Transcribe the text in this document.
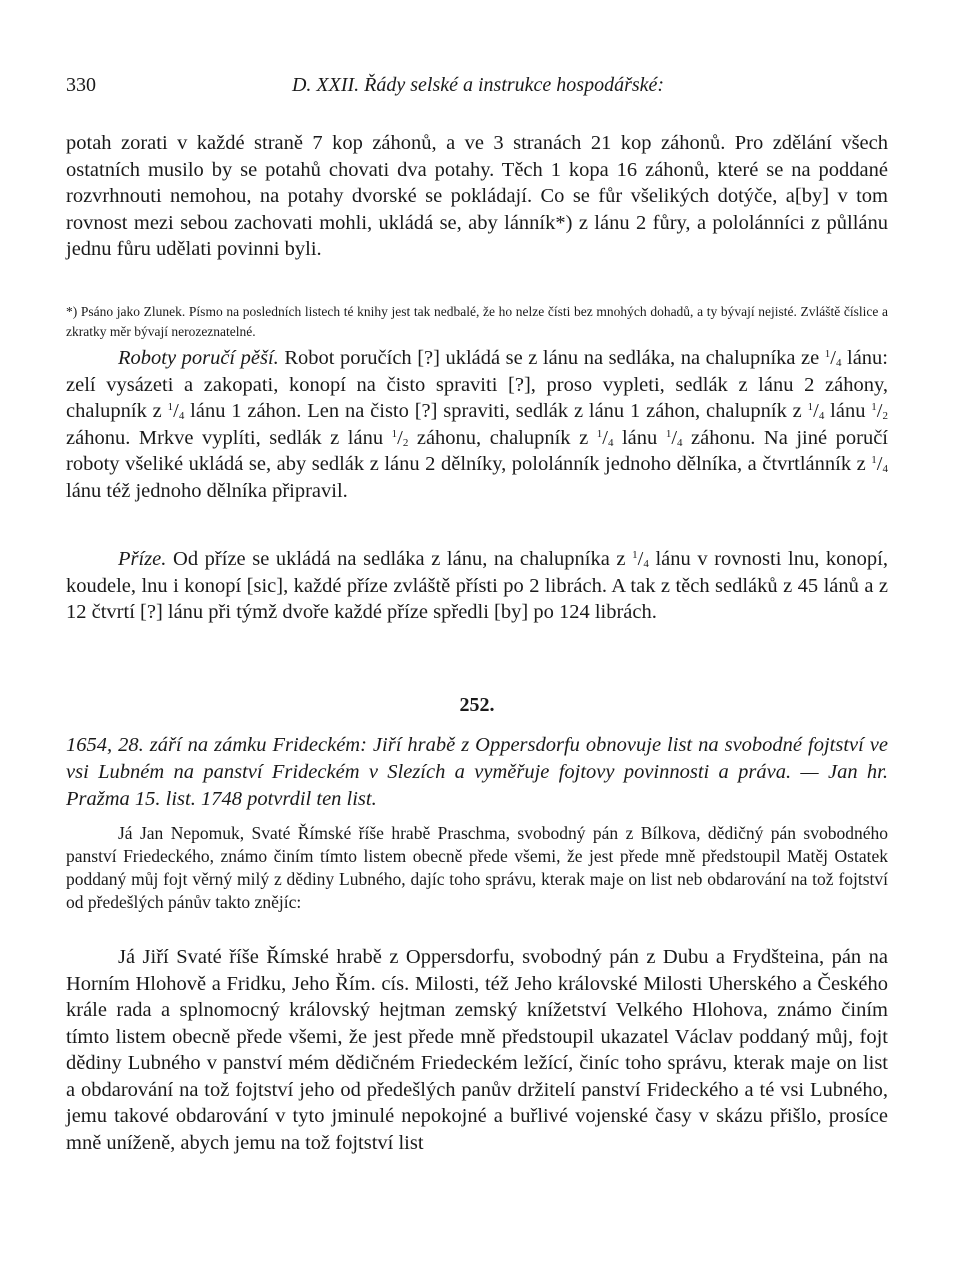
330	D. XXII. Řády selské a instrukce hospodářské:

potah zorati v každé straně 7 kop záhonů, a ve 3 stranách 21 kop záhonů. Pro zdělání všech ostatních musilo by se potahů chovati dva potahy. Těch 1 kopa 16 záhonů, které se na poddané rozvrhnouti nemohou, na potahy dvorské se pokládají. Co se fůr všelikých dotýče, a[by] v tom rovnost mezi sebou zachovati mohli, ukládá se, aby lánník*) z lánu 2 fůry, a pololánníci z půllánu jednu fůru udělati povinni byli.

*) Psáno jako Zlunek. Písmo na posledních listech té knihy jest tak nedbalé, že ho nelze čísti bez mnohých dohadů, a ty bývají nejisté. Zvláště číslice a zkratky měr bývají nerozeznatelné.

Roboty poručí pěší. Robot poručích [?] ukládá se z lánu na sedláka, na chalupníka ze $^1/_4$ lánu: zelí vysázeti a zakopati, konopí na čisto spraviti [?], proso vypleti, sedlák z lánu 2 záhony, chalupník z $^1/_4$ lánu 1 záhon. Len na čisto [?] spraviti, sedlák z lánu 1 záhon, chalupník z $^1/_4$ lánu $^1/_2$ záhonu. Mrkve vyplíti, sedlák z lánu $^1/_2$ záhonu, chalupník z $^1/_4$ lánu $^1/_4$ záhonu. Na jiné poručí roboty všeliké ukládá se, aby sedlák z lánu 2 dělníky, pololánník jednoho dělníka, a čtvrtlánník z $^1/_4$ lánu též jednoho dělníka připravil.

Příze. Od příze se ukládá na sedláka z lánu, na chalupníka z $^1/_4$ lánu v rovnosti lnu, konopí, koudele, lnu i konopí [sic], každé příze zvláště přísti po 2 librách. A tak z těch sedláků z 45 lánů a z 12 čtvrtí [?] lánu při týmž dvoře každé příze spředli [by] po 124 librách.

252.

1654, 28. září na zámku Frideckém: Jiří hrabě z Oppersdorfu obnovuje list na svobodné fojtství ve vsi Lubném na panství Frideckém v Slezích a vyměřuje fojtovy povinnosti a práva. — Jan hr. Pražma 15. list. 1748 potvrdil ten list.

Já Jan Nepomuk, Svaté Římské říše hrabě Praschma, svobodný pán z Bílkova, dědičný pán svobodného panství Friedeckého, známo činím tímto listem obecně přede všemi, že jest přede mně předstoupil Matěj Ostatek poddaný můj fojt věrný milý z dědiny Lubného, dajíc toho správu, kterak maje on list neb obdarování na tož fojtství od předešlých pánův takto znějíc:

Já Jiří Svaté říše Římské hrabě z Oppersdorfu, svobodný pán z Dubu a Frydšteina, pán na Horním Hlohově a Fridku, Jeho Řím. cís. Milosti, též Jeho královské Milosti Uherského a Českého krále rada a splnomocný královský hejtman zemský knížetství Velkého Hlohova, známo činím tímto listem obecně přede všemi, že jest přede mně předstoupil ukazatel Václav poddaný můj, fojt dědiny Lubného v panství mém dědičném Friedeckém ležící, činíc toho správu, kterak maje on list a obdarování na tož fojtství jeho od předešlých panův držitelí panství Frideckého a té vsi Lubného, jemu takové obdarování v tyto jminulé nepokojné a buřlivé vojenské časy v skázu přišlo, prosíce mně uníženě, abych jemu na tož fojtství list
